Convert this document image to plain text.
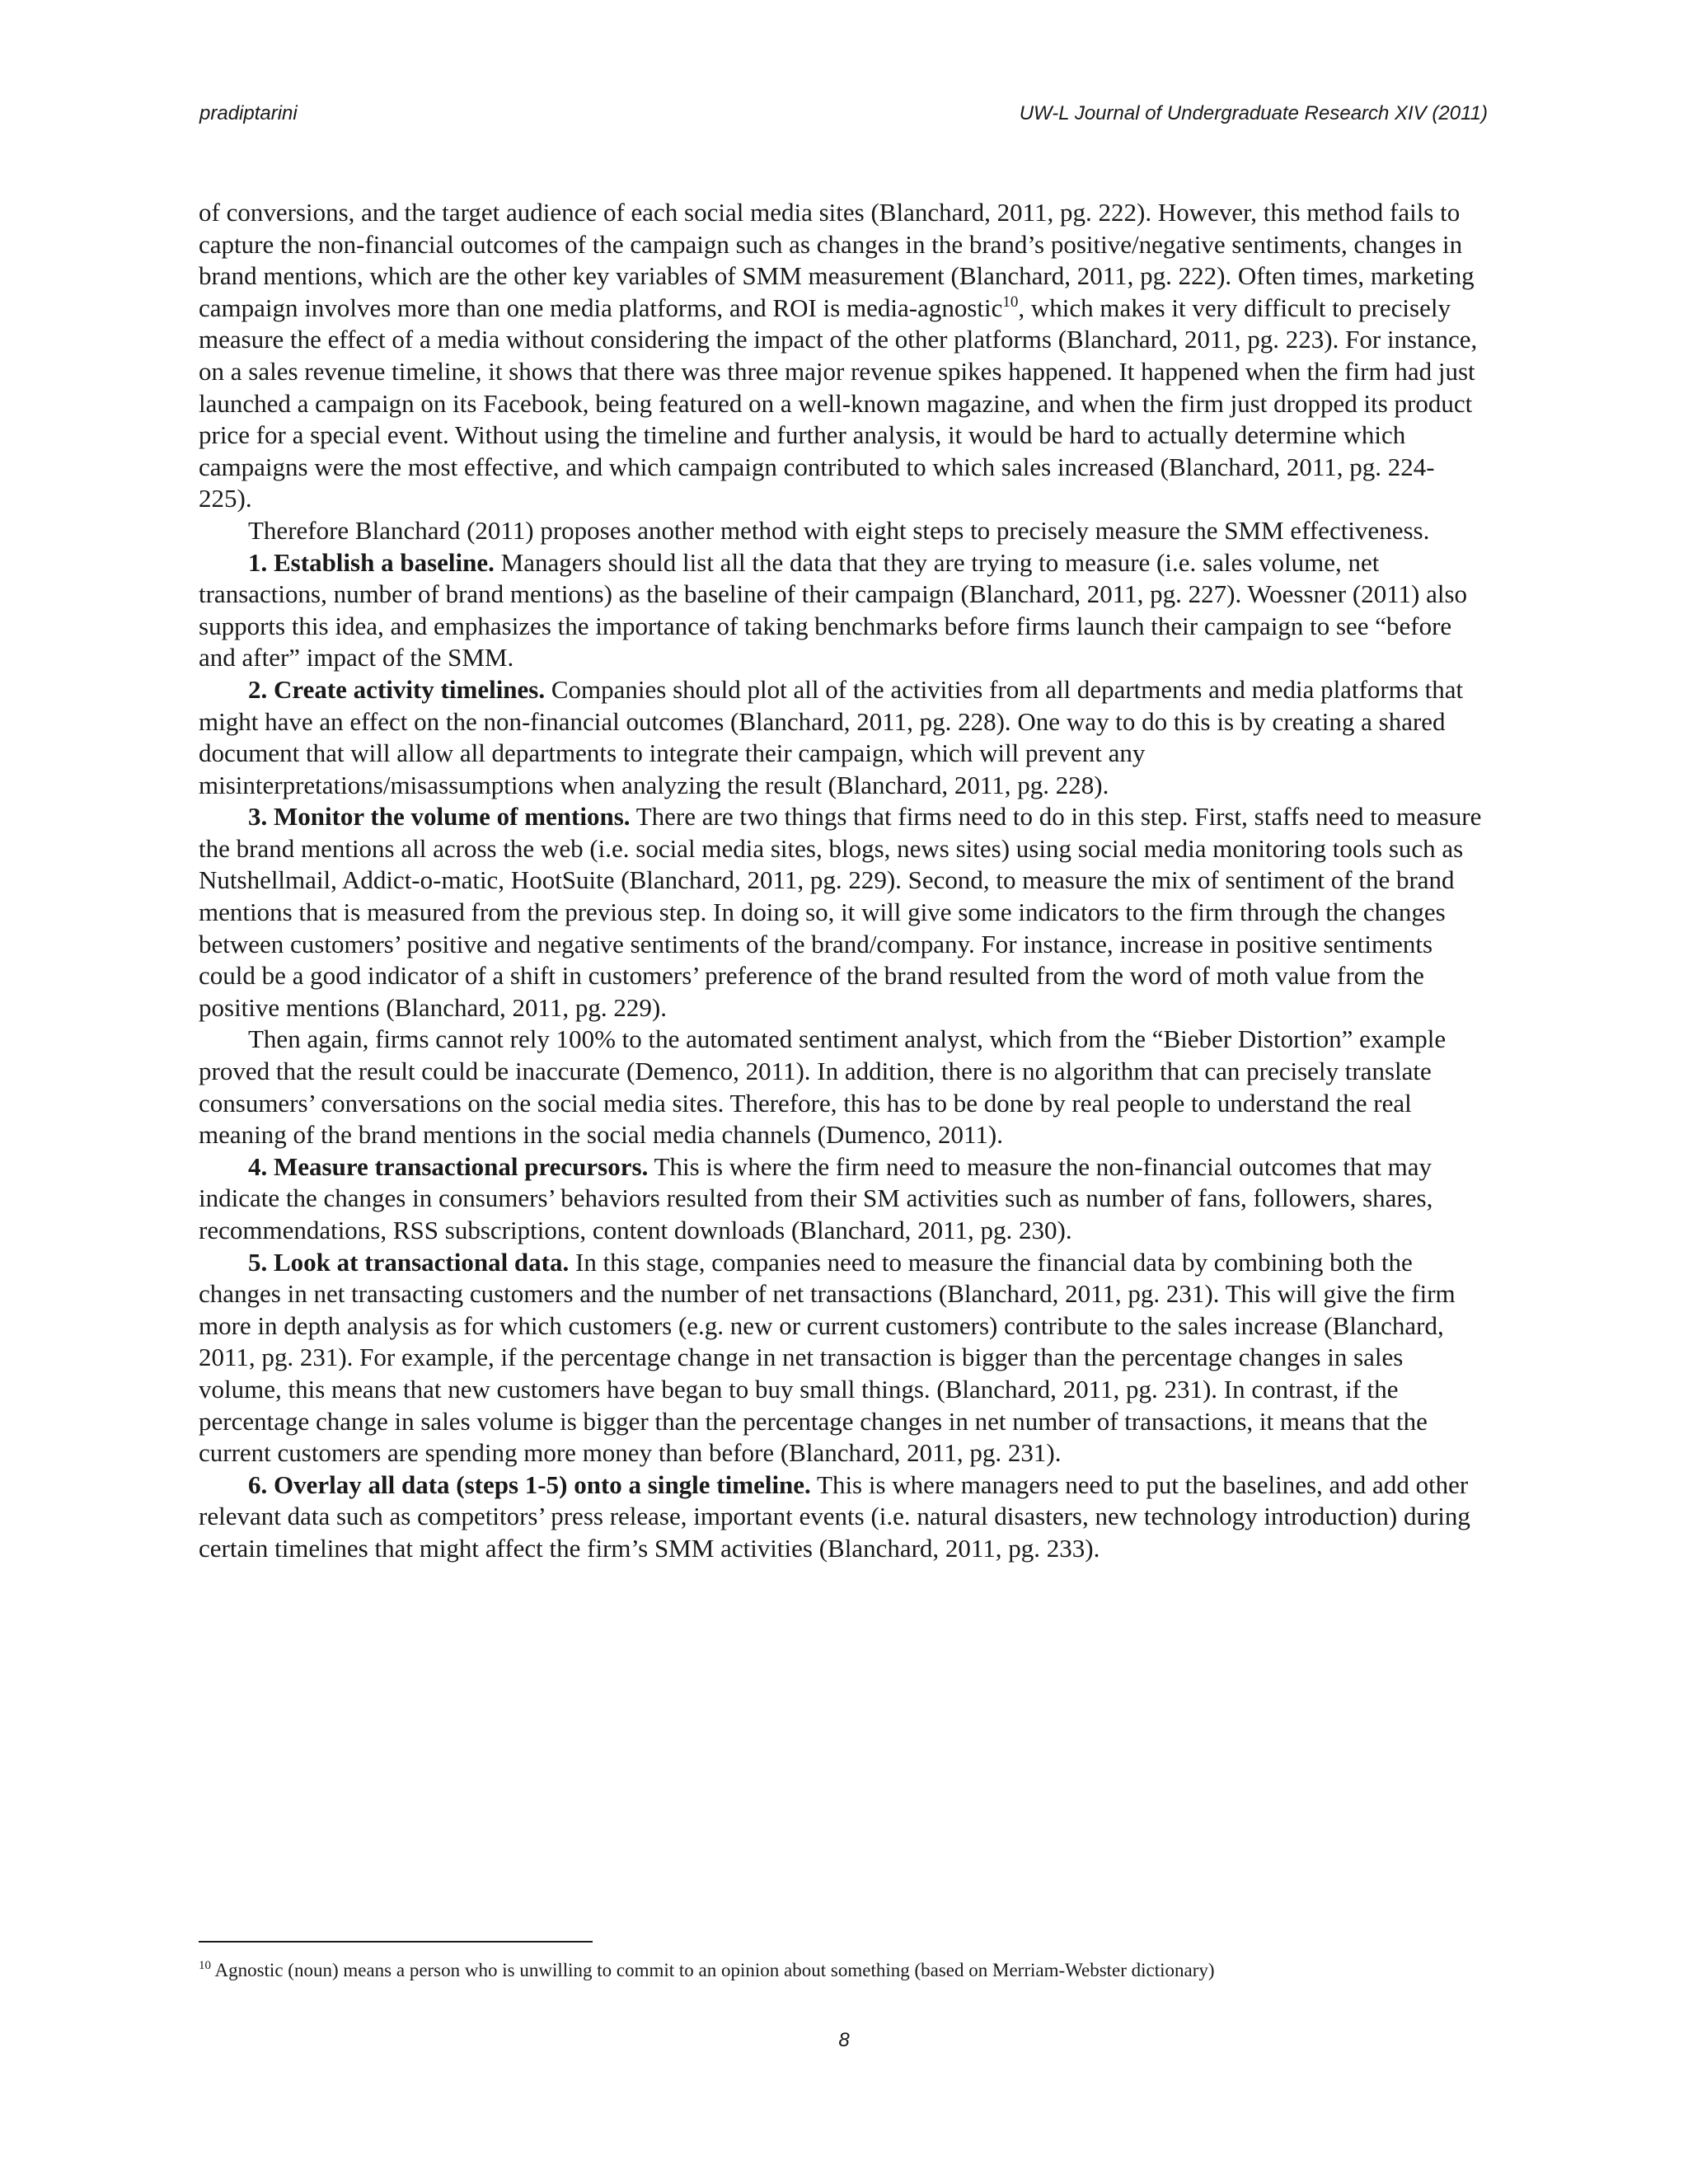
pradiptarini	UW-L Journal of Undergraduate Research XIV (2011)

of conversions, and the target audience of each social media sites (Blanchard, 2011, pg. 222). However, this method fails to capture the non-financial outcomes of the campaign such as changes in the brand’s positive/negative sentiments, changes in brand mentions, which are the other key variables of SMM measurement (Blanchard, 2011, pg. 222). Often times, marketing campaign involves more than one media platforms, and ROI is media-agnostic$^{10}$, which makes it very difficult to precisely measure the effect of a media without considering the impact of the other platforms (Blanchard, 2011, pg. 223). For instance, on a sales revenue timeline, it shows that there was three major revenue spikes happened. It happened when the firm had just launched a campaign on its Facebook, being featured on a well-known magazine, and when the firm just dropped its product price for a special event. Without using the timeline and further analysis, it would be hard to actually determine which campaigns were the most effective, and which campaign contributed to which sales increased (Blanchard, 2011, pg. 224-225).

Therefore Blanchard (2011) proposes another method with eight steps to precisely measure the SMM effectiveness.

1. Establish a baseline. Managers should list all the data that they are trying to measure (i.e. sales volume, net transactions, number of brand mentions) as the baseline of their campaign (Blanchard, 2011, pg. 227). Woessner (2011) also supports this idea, and emphasizes the importance of taking benchmarks before firms launch their campaign to see “before and after” impact of the SMM.

2. Create activity timelines. Companies should plot all of the activities from all departments and media platforms that might have an effect on the non-financial outcomes (Blanchard, 2011, pg. 228). One way to do this is by creating a shared document that will allow all departments to integrate their campaign, which will prevent any misinterpretations/misassumptions when analyzing the result (Blanchard, 2011, pg. 228).

3. Monitor the volume of mentions. There are two things that firms need to do in this step. First, staffs need to measure the brand mentions all across the web (i.e. social media sites, blogs, news sites) using social media monitoring tools such as Nutshellmail, Addict-o-matic, HootSuite (Blanchard, 2011, pg. 229). Second, to measure the mix of sentiment of the brand mentions that is measured from the previous step. In doing so, it will give some indicators to the firm through the changes between customers’ positive and negative sentiments of the brand/company. For instance, increase in positive sentiments could be a good indicator of a shift in customers’ preference of the brand resulted from the word of moth value from the positive mentions (Blanchard, 2011, pg. 229).

Then again, firms cannot rely 100% to the automated sentiment analyst, which from the “Bieber Distortion” example proved that the result could be inaccurate (Demenco, 2011). In addition, there is no algorithm that can precisely translate consumers’ conversations on the social media sites. Therefore, this has to be done by real people to understand the real meaning of the brand mentions in the social media channels (Dumenco, 2011).

4. Measure transactional precursors. This is where the firm need to measure the non-financial outcomes that may indicate the changes in consumers’ behaviors resulted from their SM activities such as number of fans, followers, shares, recommendations, RSS subscriptions, content downloads (Blanchard, 2011, pg. 230).

5. Look at transactional data. In this stage, companies need to measure the financial data by combining both the changes in net transacting customers and the number of net transactions (Blanchard, 2011, pg. 231). This will give the firm more in depth analysis as for which customers (e.g. new or current customers) contribute to the sales increase (Blanchard, 2011, pg. 231). For example, if the percentage change in net transaction is bigger than the percentage changes in sales volume, this means that new customers have began to buy small things. (Blanchard, 2011, pg. 231). In contrast, if the percentage change in sales volume is bigger than the percentage changes in net number of transactions, it means that the current customers are spending more money than before (Blanchard, 2011, pg. 231).

6. Overlay all data (steps 1-5) onto a single timeline. This is where managers need to put the baselines, and add other relevant data such as competitors’ press release, important events (i.e. natural disasters, new technology introduction) during certain timelines that might affect the firm’s SMM activities (Blanchard, 2011, pg. 233).

$^{10}$ Agnostic (noun) means a person who is unwilling to commit to an opinion about something (based on Merriam-Webster dictionary)
8
